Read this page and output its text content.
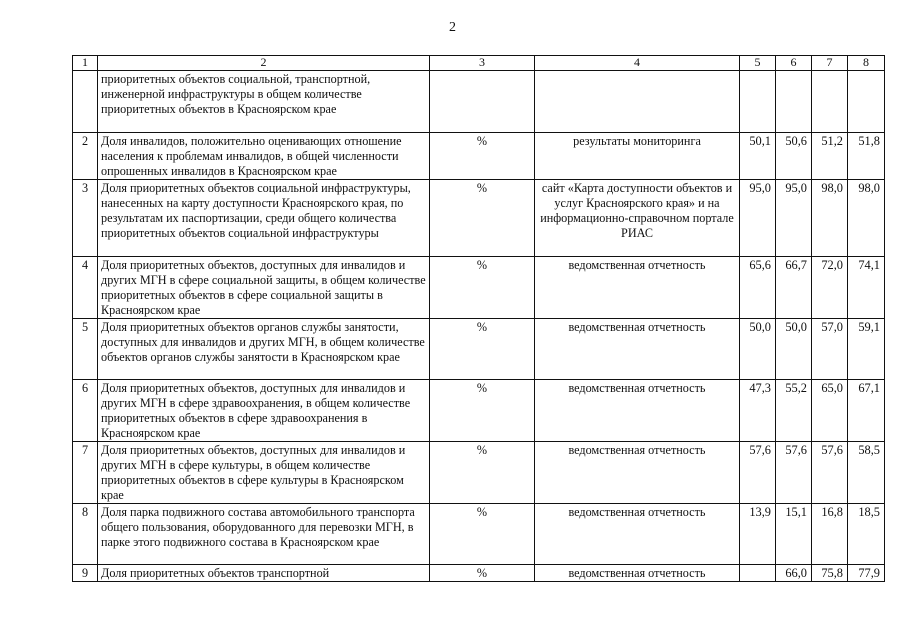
2
1	2	3	4	5	6	7	8
	приоритетных объектов социальной, транспортной, инженерной инфраструктуры в общем количестве приоритетных объектов в Красноярском крае						
2	Доля инвалидов, положительно оценивающих отношение населения к проблемам инвалидов, в общей численности опрошенных инвалидов в Красноярском крае	%	результаты мониторинга	50,1	50,6	51,2	51,8
3	Доля приоритетных объектов социальной инфраструктуры, нанесенных на карту доступности Красноярского края, по результатам их паспортизации, среди общего количества приоритетных объектов социальной инфраструктуры	%	сайт «Карта доступности объектов и услуг Красноярского края» и на информационно-справочном портале РИАС	95,0	95,0	98,0	98,0
4	Доля приоритетных объектов, доступных для инвалидов и других МГН в сфере социальной защиты, в общем количестве приоритетных объектов в сфере социальной защиты в Красноярском крае	%	ведомственная отчетность	65,6	66,7	72,0	74,1
5	Доля приоритетных объектов органов службы занятости, доступных для инвалидов и других МГН, в общем количестве объектов органов службы занятости в Красноярском крае	%	ведомственная отчетность	50,0	50,0	57,0	59,1
6	Доля приоритетных объектов, доступных для инвалидов и других МГН в сфере здравоохранения, в общем количестве приоритетных объектов в сфере здравоохранения в Красноярском крае	%	ведомственная отчетность	47,3	55,2	65,0	67,1
7	Доля приоритетных объектов, доступных для инвалидов и других МГН в сфере культуры, в общем количестве приоритетных объектов в сфере культуры в Красноярском крае	%	ведомственная отчетность	57,6	57,6	57,6	58,5
8	Доля парка подвижного состава автомобильного транспорта общего пользования, оборудованного для перевозки МГН, в парке этого подвижного состава в Красноярском крае	%	ведомственная отчетность	13,9	15,1	16,8	18,5
9	Доля приоритетных объектов транспортной	%	ведомственная отчетность		66,0	75,8	77,9
